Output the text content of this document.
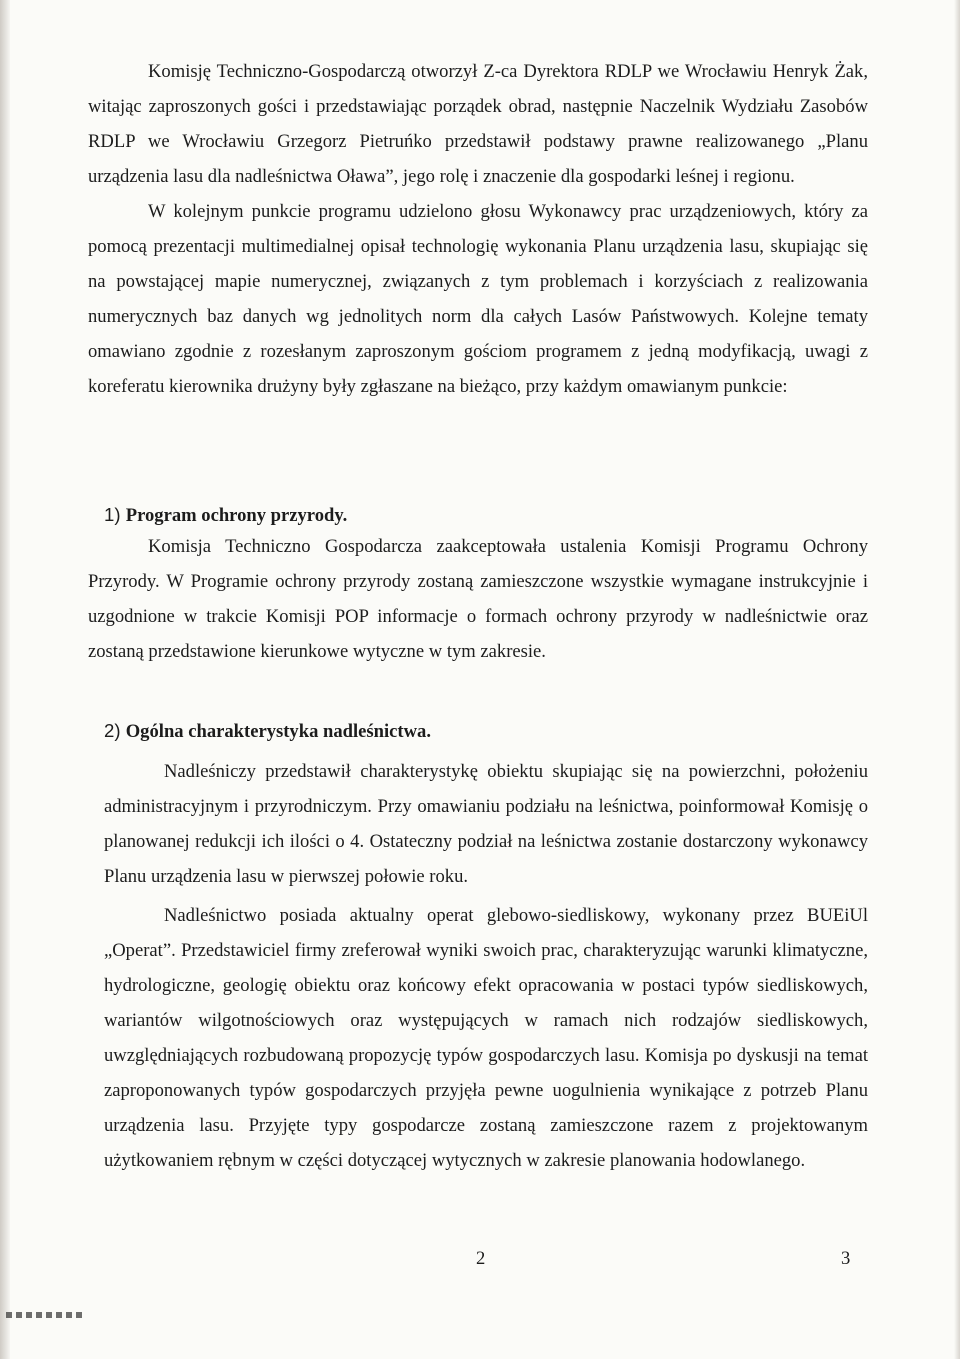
Komisję Techniczno-Gospodarczą otworzył Z-ca Dyrektora RDLP we Wrocławiu Henryk Żak, witając zaproszonych gości i przedstawiając porządek obrad, następnie Naczelnik Wydziału Zasobów RDLP we Wrocławiu Grzegorz Pietruńko przedstawił podstawy prawne realizowanego „Planu urządzenia lasu dla nadleśnictwa Oława”, jego rolę i znaczenie dla gospodarki leśnej i regionu.

W kolejnym punkcie programu udzielono głosu Wykonawcy prac urządzeniowych, który za pomocą prezentacji multimedialnej opisał technologię wykonania Planu urządzenia lasu, skupiając się na powstającej mapie numerycznej, związanych z tym problemach i korzyściach z realizowania numerycznych baz danych wg jednolitych norm dla całych Lasów Państwowych. Kolejne tematy omawiano zgodnie z rozesłanym zaproszonym gościom programem z jedną modyfikacją, uwagi z koreferatu kierownika drużyny były zgłaszane na bieżąco, przy każdym omawianym punkcie:

1) Program ochrony przyrody.

Komisja Techniczno Gospodarcza zaakceptowała ustalenia Komisji Programu Ochrony Przyrody. W Programie ochrony przyrody zostaną zamieszczone wszystkie wymagane instrukcyjnie i uzgodnione w trakcie Komisji POP informacje o formach ochrony przyrody w nadleśnictwie oraz zostaną przedstawione kierunkowe wytyczne w tym zakresie.

2) Ogólna charakterystyka nadleśnictwa.

Nadleśniczy przedstawił charakterystykę obiektu skupiając się na powierzchni, położeniu administracyjnym i przyrodniczym. Przy omawianiu podziału na leśnictwa, poinformował Komisję o planowanej redukcji ich ilości o 4. Ostateczny podział na leśnictwa zostanie dostarczony wykonawcy Planu urządzenia lasu w pierwszej połowie roku.

Nadleśnictwo posiada aktualny operat glebowo-siedliskowy, wykonany przez BUEiUl „Operat”. Przedstawiciel firmy zreferował wyniki swoich prac, charakteryzując warunki klimatyczne, hydrologiczne, geologię obiektu oraz końcowy efekt opracowania w postaci typów siedliskowych, wariantów wilgotnościowych oraz występujących w ramach nich rodzajów siedliskowych, uwzględniających rozbudowaną propozycję typów gospodarczych lasu. Komisja po dyskusji na temat zaproponowanych typów gospodarczych przyjęła pewne uogulnienia wynikające z potrzeb Planu urządzenia lasu. Przyjęte typy gospodarcze zostaną zamieszczone razem z projektowanym użytkowaniem rębnym w części dotyczącej wytycznych w zakresie planowania hodowlanego.

2	3
